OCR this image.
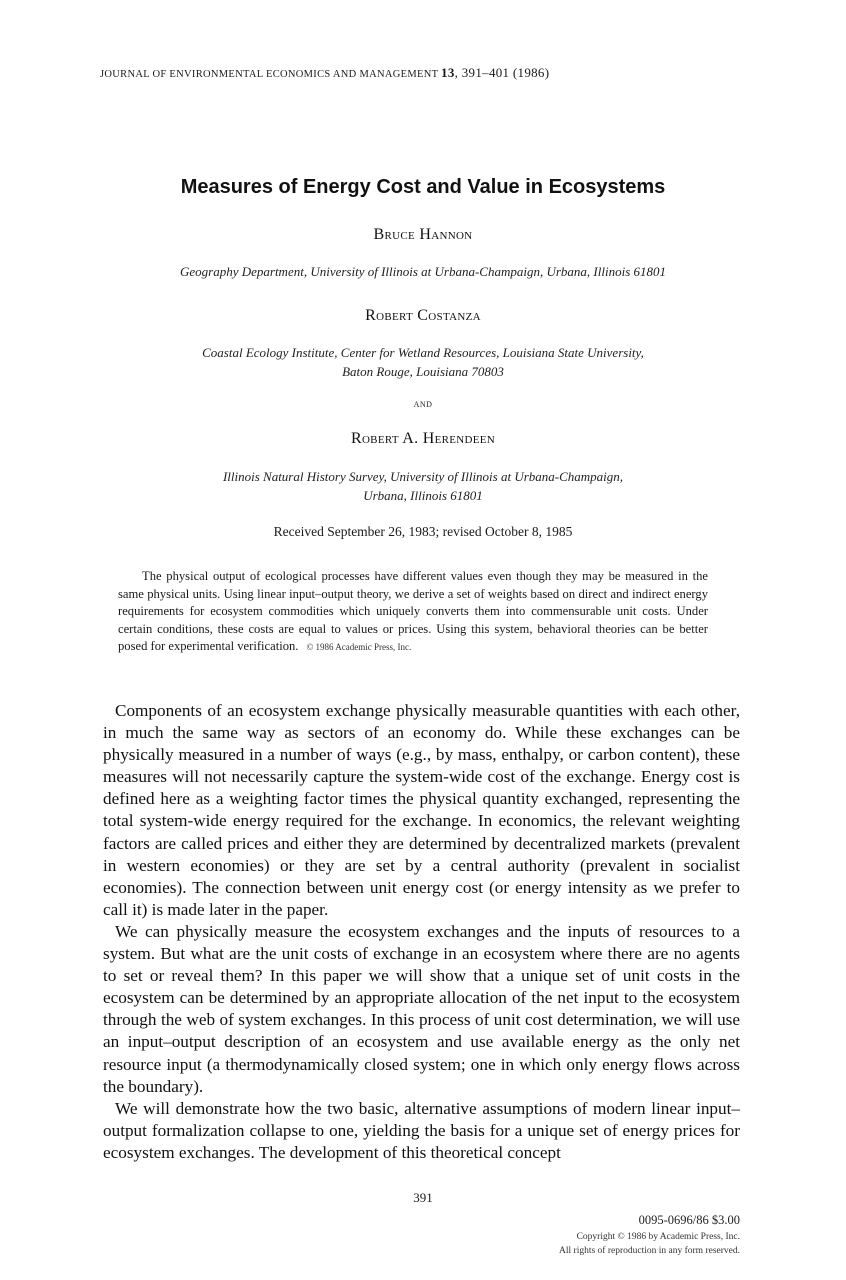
JOURNAL OF ENVIRONMENTAL ECONOMICS AND MANAGEMENT 13, 391–401 (1986)
Measures of Energy Cost and Value in Ecosystems
Bruce Hannon
Geography Department, University of Illinois at Urbana-Champaign, Urbana, Illinois 61801
Robert Costanza
Coastal Ecology Institute, Center for Wetland Resources, Louisiana State University,
Baton Rouge, Louisiana 70803
and
Robert A. Herendeen
Illinois Natural History Survey, University of Illinois at Urbana-Champaign,
Urbana, Illinois 61801
Received September 26, 1983; revised October 8, 1985
The physical output of ecological processes have different values even though they may be measured in the same physical units. Using linear input–output theory, we derive a set of weights based on direct and indirect energy requirements for ecosystem commodities which uniquely converts them into commensurable unit costs. Under certain conditions, these costs are equal to values or prices. Using this system, behavioral theories can be better posed for experimental verification. © 1986 Academic Press, Inc.

Components of an ecosystem exchange physically measurable quantities with each other, in much the same way as sectors of an economy do. While these exchanges can be physically measured in a number of ways (e.g., by mass, enthalpy, or carbon content), these measures will not necessarily capture the system-wide cost of the exchange. Energy cost is defined here as a weighting factor times the physical quantity exchanged, representing the total system-wide energy required for the exchange. In economics, the relevant weighting factors are called prices and either they are determined by decentralized markets (prevalent in western economies) or they are set by a central authority (prevalent in socialist economies). The connection between unit energy cost (or energy intensity as we prefer to call it) is made later in the paper.

We can physically measure the ecosystem exchanges and the inputs of resources to a system. But what are the unit costs of exchange in an ecosystem where there are no agents to set or reveal them? In this paper we will show that a unique set of unit costs in the ecosystem can be determined by an appropriate allocation of the net input to the ecosystem through the web of system exchanges. In this process of unit cost determination, we will use an input–output description of an ecosystem and use available energy as the only net resource input (a thermodynamically closed system; one in which only energy flows across the boundary).

We will demonstrate how the two basic, alternative assumptions of modern linear input–output formalization collapse to one, yielding the basis for a unique set of energy prices for ecosystem exchanges. The development of this theoretical concept

391
0095-0696/86 $3.00
Copyright © 1986 by Academic Press, Inc.
All rights of reproduction in any form reserved.
